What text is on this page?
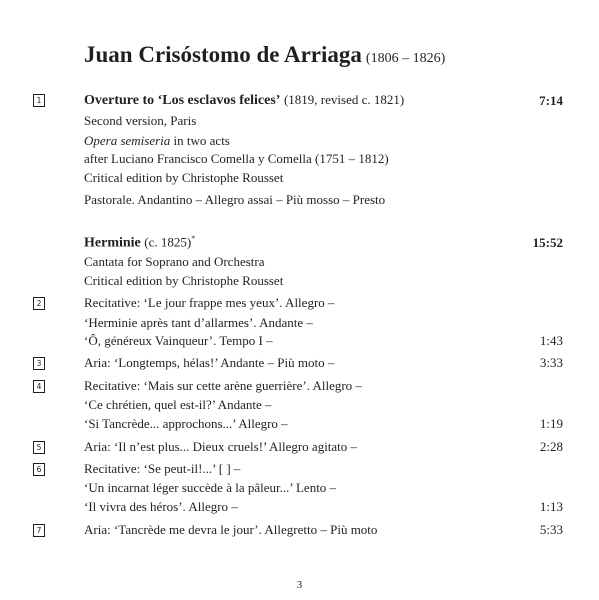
Juan Crisóstomo de Arriaga (1806 – 1826)
1	Overture to ‘Los esclavos felices’ (1819, revised c. 1821)	7:14
Second version, Paris
Opera semiseria in two acts
after Luciano Francisco Comella y Comella (1751 – 1812)
Critical edition by Christophe Rousset
Pastorale. Andantino – Allegro assai – Più mosso – Presto
Herminie (c. 1825)*	15:52
Cantata for Soprano and Orchestra
Critical edition by Christophe Rousset
2	Recitative: ‘Le jour frappe mes yeux’. Allegro –
‘Herminie après tant d’allarmes’. Andante –
‘Ô, généreux Vainqueur’. Tempo I –	1:43
3	Aria: ‘Longtemps, hélas!’ Andante – Più moto –	3:33
4	Recitative: ‘Mais sur cette arène guerrière’. Allegro –
‘Ce chrétien, quel est-il?’ Andante –
‘Si Tancrède... approchons...’ Allegro –	1:19
5	Aria: ‘Il n’est plus... Dieux cruels!’ Allegro agitato –	2:28
6	Recitative: ‘Se peut-il!...’ [ ] –
‘Un incarnat léger succède à la pâleur...’ Lento –
‘Il vivra des héros’. Allegro –	1:13
7	Aria: ‘Tancrède me devra le jour’. Allegretto – Più moto	5:33
3
